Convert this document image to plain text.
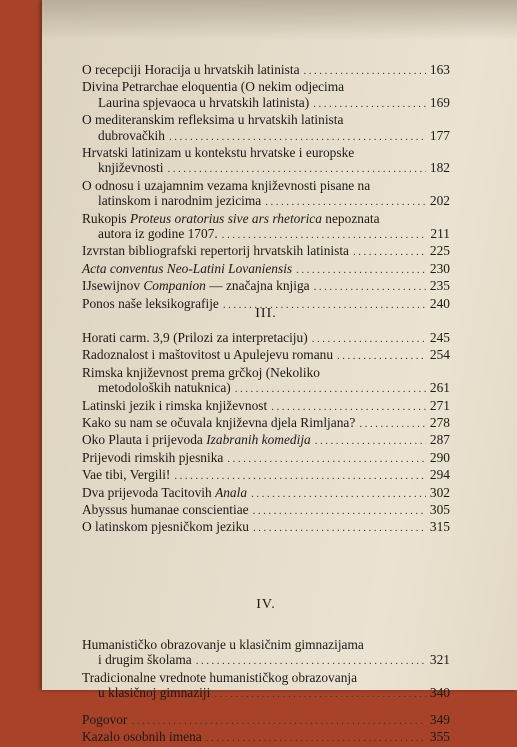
O recepciji Horacija u hrvatskih latinista .....	163
Divina Petrarchae eloquentia (O nekim odjecima
Laurina spjevaoca u hrvatskih latinista) .....	169
O mediteranskim refleksima u hrvatskih latinista
dubrovačkih .....	177
Hrvatski latinizam u kontekstu hrvatske i europske
književnosti .....	182
O odnosu i uzajamnim vezama književnosti pisane na
latinskom i narodnim jezicima .....	202
Rukopis Proteus oratorius sive ars rhetorica nepoznata
autora iz godine 1707. .....	211
Izvrstan bibliografski repertorij hrvatskih latinista .....	225
Acta conventus Neo-Latini Lovaniensis .....	230
IJsewijnov Companion — značajna knjiga .....	235
Ponos naše leksikografije .....	240
III.
Horati carm. 3,9 (Prilozi za interpretaciju) .....	245
Radoznalost i maštovitost u Apulejevu romanu .....	254
Rimska književnost prema grčkoj (Nekoliko
metodoloških natuknica) .....	261
Latinski jezik i rimska književnost .....	271
Kako su nam se očuvala književna djela Rimljana? .....	278
Oko Plauta i prijevoda Izabranih komedija .....	287
Prijevodi rimskih pjesnika .....	290
Vae tibi, Vergili! .....	294
Dva prijevoda Tacitovih Anala .....	302
Abyssus humanae conscientiae .....	305
O latinskom pjesničkom jeziku .....	315
IV.
Humanističko obrazovanje u klasičnim gimnazijama
i drugim školama .....	321
Tradicionalne vrednote humanističkog obrazovanja
u klasičnoj gimnaziji .....	340
Pogovor .....	349
Kazalo osobnih imena .....	355
